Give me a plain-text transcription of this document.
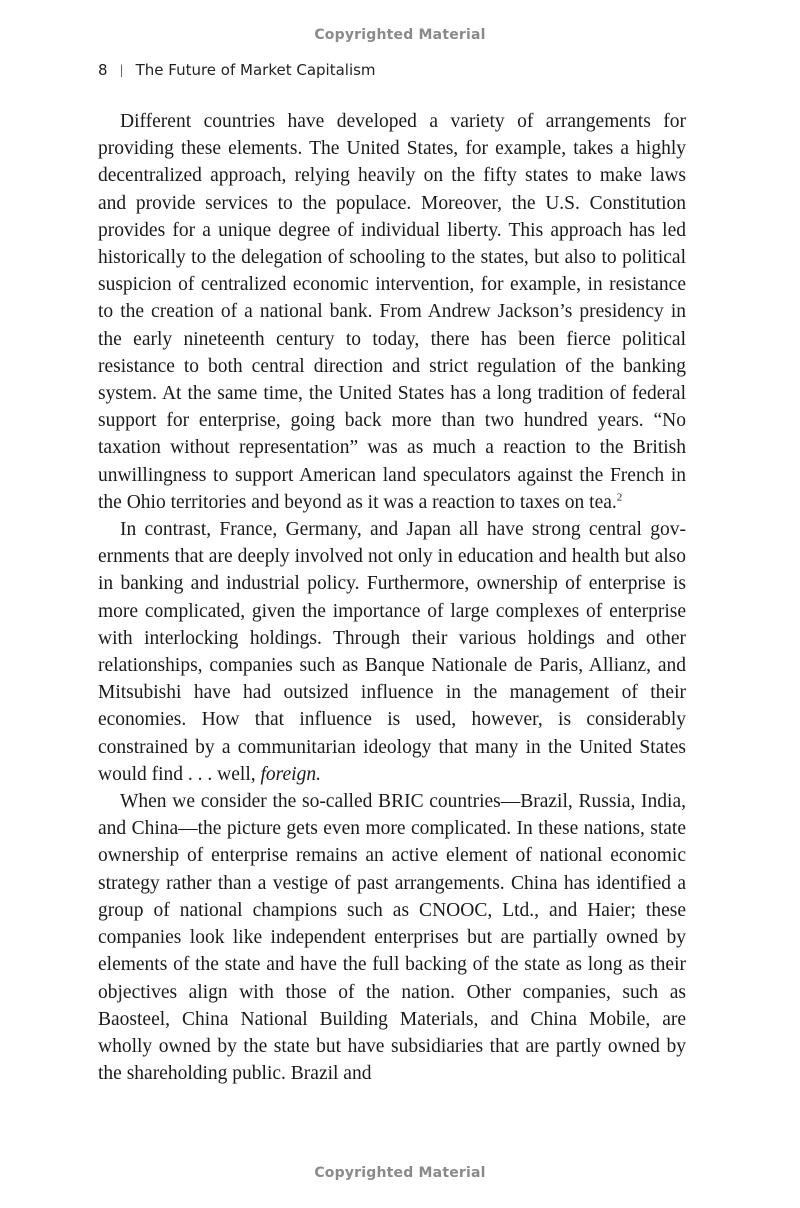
Copyrighted Material
8 | The Future of Market Capitalism

Different countries have developed a variety of arrangements for providing these elements. The United States, for example, takes a highly decentralized approach, relying heavily on the fifty states to make laws and provide services to the populace. Moreover, the U.S. Constitution provides for a unique degree of individual liberty. This approach has led historically to the delegation of schooling to the states, but also to political suspicion of centralized economic intervention, for example, in resistance to the creation of a national bank. From Andrew Jackson’s presidency in the early nineteenth century to today, there has been fierce political resistance to both central direction and strict regulation of the banking system. At the same time, the United States has a long tradition of federal support for enterprise, going back more than two hundred years. “No taxation without representation” was as much a reaction to the British unwillingness to support American land speculators against the French in the Ohio territories and beyond as it was a reaction to taxes on tea.$^2$

In contrast, France, Germany, and Japan all have strong central governments that are deeply involved not only in education and health but also in banking and industrial policy. Furthermore, ownership of enterprise is more complicated, given the importance of large complexes of enterprise with interlocking holdings. Through their various holdings and other relationships, companies such as Banque Nationale de Paris, Allianz, and Mitsubishi have had outsized influence in the management of their economies. How that influence is used, however, is considerably constrained by a communitarian ideology that many in the United States would find . . . well, foreign.

When we consider the so-called BRIC countries—Brazil, Russia, India, and China—the picture gets even more complicated. In these nations, state ownership of enterprise remains an active element of national economic strategy rather than a vestige of past arrangements. China has identified a group of national champions such as CNOOC, Ltd., and Haier; these companies look like independent enterprises but are partially owned by elements of the state and have the full backing of the state as long as their objectives align with those of the nation. Other companies, such as Baosteel, China National Building Materials, and China Mobile, are wholly owned by the state but have subsidiaries that are partly owned by the shareholding public. Brazil and

Copyrighted Material
